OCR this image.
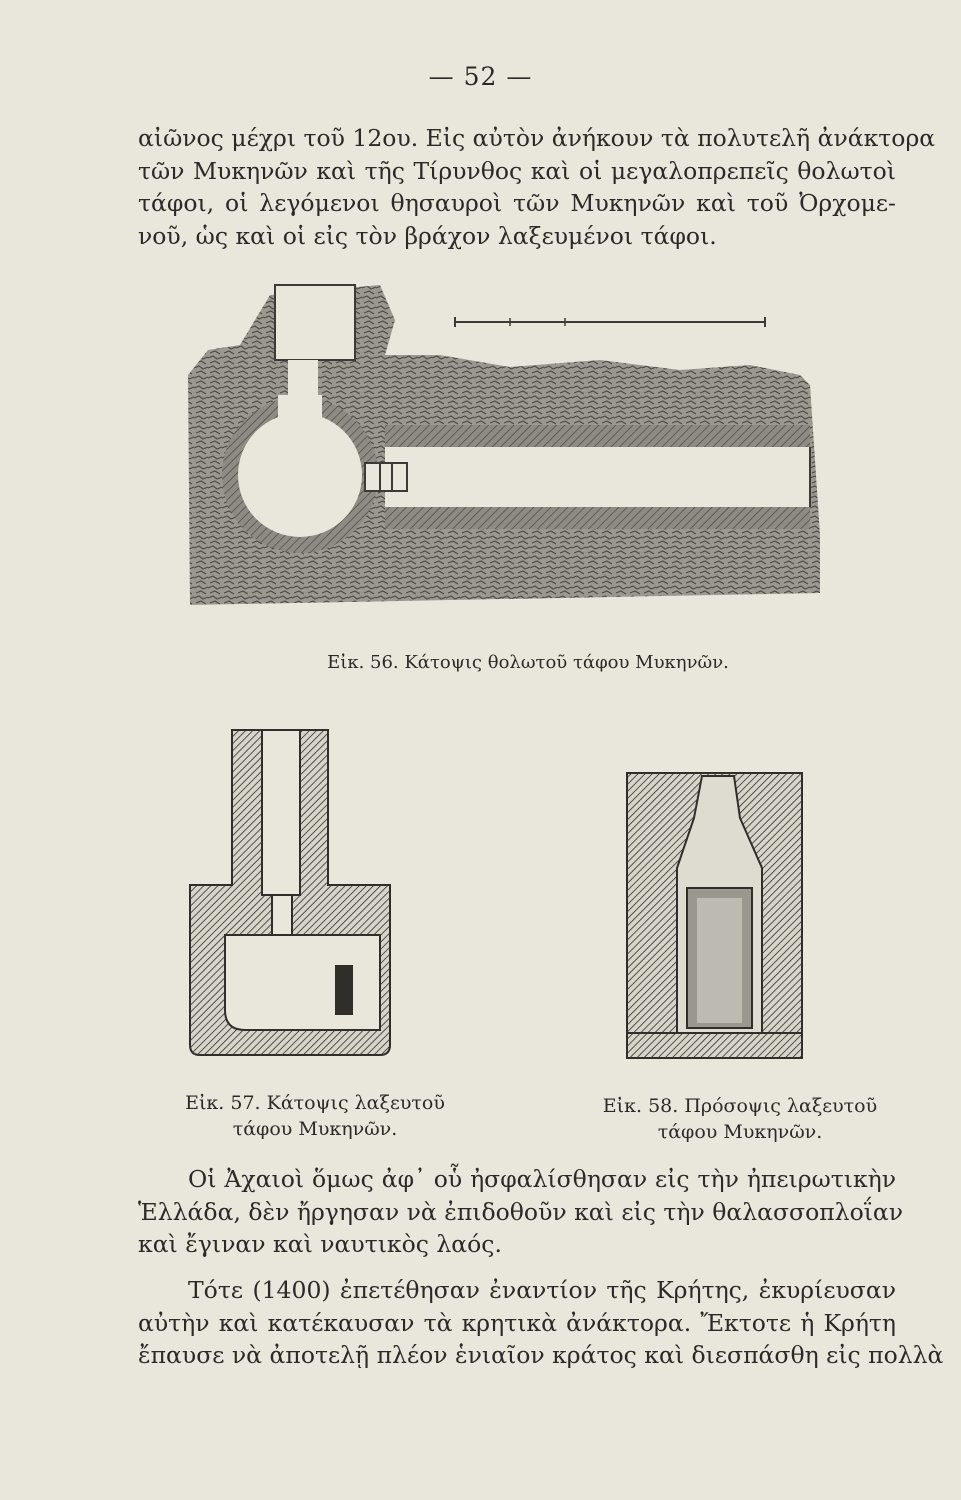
— 52 —

αἰῶνος μέχρι τοῦ 12ου. Εἰς αὐτὸν ἀνήκουν τὰ πολυτελῆ ἀνάκτορα
τῶν Μυκηνῶν καὶ τῆς Τίρυνθος καὶ οἱ μεγαλοπρεπεῖς θολωτοὶ
τάφοι, οἱ λεγόμενοι θησαυροὶ τῶν Μυκηνῶν καὶ τοῦ Ὀρχομε-
νοῦ, ὡς καὶ οἱ εἰς τὸν βράχον λαξευμένοι τάφοι.

Εἰκ. 56. Κάτοψις θολωτοῦ τάφου Μυκηνῶν.
Εἰκ. 57. Κάτοψις λαξευτοῦ
τάφου Μυκηνῶν.
Εἰκ. 58. Πρόσοψις λαξευτοῦ
τάφου Μυκηνῶν.

Οἱ Ἀχαιοὶ ὅμως ἀφ᾽ οὗ ἠσφαλίσθησαν εἰς τὴν ἠπειρωτικὴν
Ἑλλάδα, δὲν ἤργησαν νὰ ἐπιδοθοῦν καὶ εἰς τὴν θαλασσοπλοΐαν
καὶ ἔγιναν καὶ ναυτικὸς λαός.

Τότε (1400) ἐπετέθησαν ἐναντίον τῆς Κρήτης, ἐκυρίευσαν
αὐτὴν καὶ κατέκαυσαν τὰ κρητικὰ ἀνάκτορα. Ἔκτοτε ἡ Κρήτη
ἔπαυσε νὰ ἀποτελῇ πλέον ἑνιαῖον κράτος καὶ διεσπάσθη εἰς πολλὰ
